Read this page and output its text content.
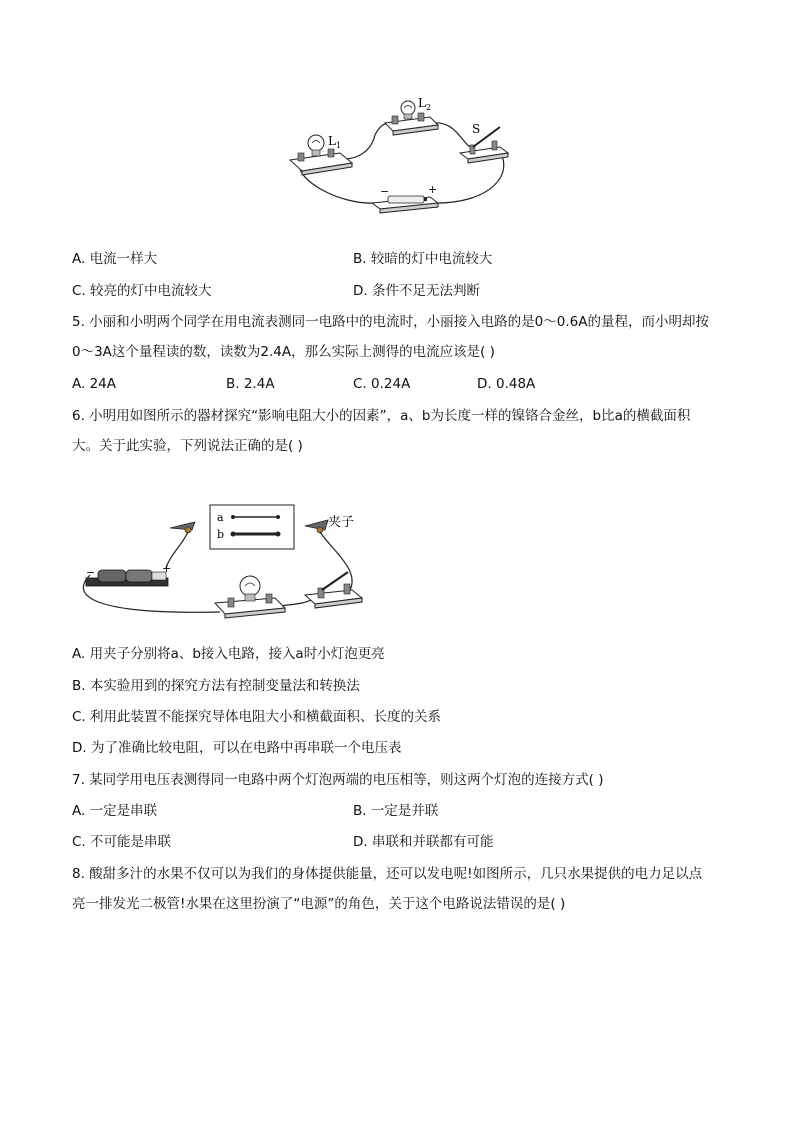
$L_1$
$L_2$
S
−	+
A. 电流一样大	B. 较暗的灯中电流较大
C. 较亮的灯中电流较大	D. 条件不足无法判断
5. 小丽和小明两个同学在用电流表测同一电路中的电流时，小丽接入电路的是0～0.6A的量程，而小明却按
0～3A这个量程读的数，读数为2.4A，那么实际上测得的电流应该是( )
A. 24A	B. 2.4A	C. 0.24A	D. 0.48A
6. 小明用如图所示的器材探究“影响电阻大小的因素”，a、b为长度一样的镍铬合金丝，b比a的横截面积
大。关于此实验，下列说法正确的是( )
a
b
夹子
−	+
A. 用夹子分别将a、b接入电路，接入a时小灯泡更亮
B. 本实验用到的探究方法有控制变量法和转换法
C. 利用此装置不能探究导体电阻大小和横截面积、长度的关系
D. 为了准确比较电阻，可以在电路中再串联一个电压表
7. 某同学用电压表测得同一电路中两个灯泡两端的电压相等，则这两个灯泡的连接方式( )
A. 一定是串联	B. 一定是并联
C. 不可能是串联	D. 串联和并联都有可能
8. 酸甜多汁的水果不仅可以为我们的身体提供能量，还可以发电呢!如图所示，几只水果提供的电力足以点
亮一排发光二极管!水果在这里扮演了“电源”的角色，关于这个电路说法错误的是( )
